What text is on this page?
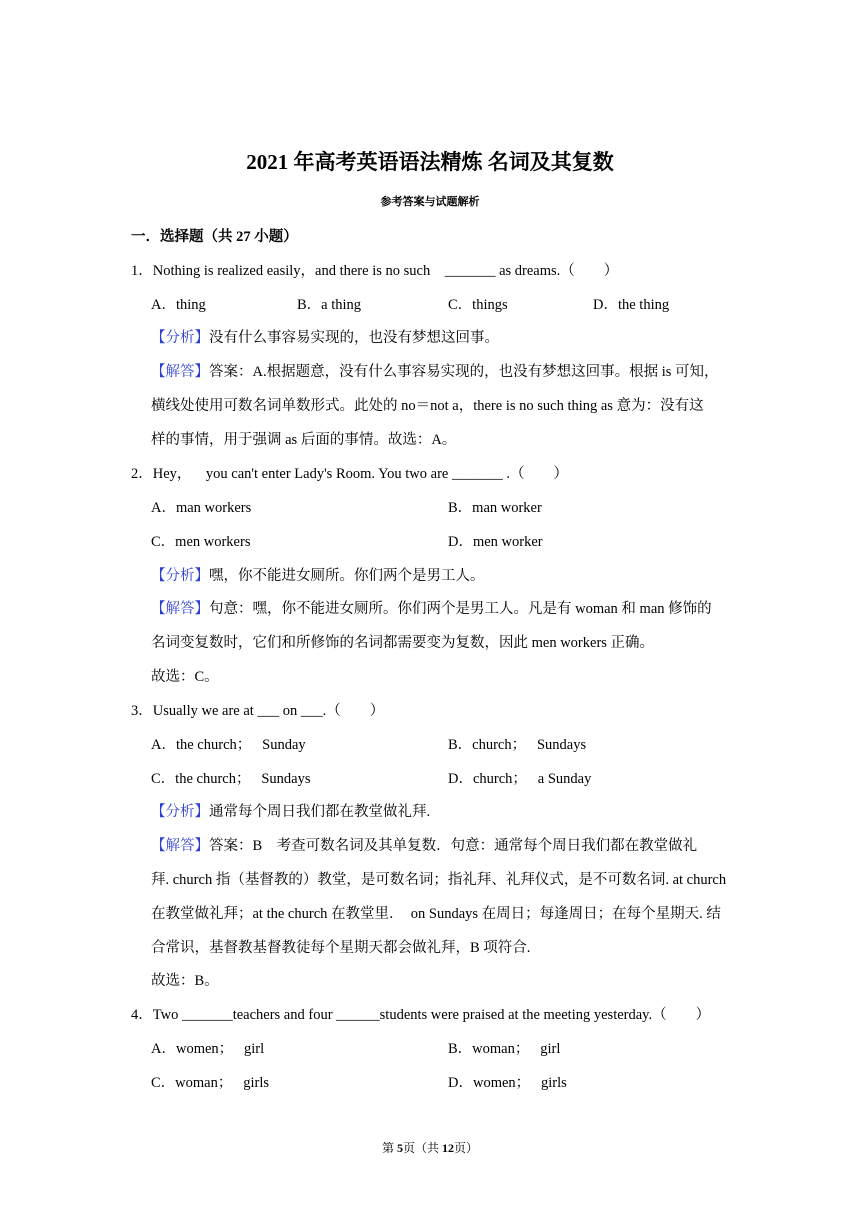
2021 年高考英语语法精炼 名词及其复数
参考答案与试题解析
一．选择题（共 27 小题）
1．Nothing is realized easily，and there is no such    _______ as dreams.（        ）
A．thing	B．a thing	C．things	D．the thing
【分析】没有什么事容易实现的，也没有梦想这回事。
【解答】答案：A.根据题意，没有什么事容易实现的，也没有梦想这回事。根据 is 可知，
横线处使用可数名词单数形式。此处的 no＝not a，there is no such thing as 意为：没有这
样的事情，用于强调 as 后面的事情。故选：A。
2．Hey，    you can't enter Lady's Room. You two are _______ .（        ）
A．man workers	B．man worker
C．men workers	D．men worker
【分析】嘿，你不能进女厕所。你们两个是男工人。
【解答】句意：嘿，你不能进女厕所。你们两个是男工人。凡是有 woman 和 man 修饰的
名词变复数时，它们和所修饰的名词都需要变为复数，因此 men workers 正确。
故选：C。
3．Usually we are at ___ on ___.（        ）
A．the church；   Sunday	B．church；   Sundays
C．the church；   Sundays	D．church；   a Sunday
【分析】通常每个周日我们都在教堂做礼拜.
【解答】答案：B    考查可数名词及其单复数．句意：通常每个周日我们都在教堂做礼
拜. church 指（基督教的）教堂，是可数名词；指礼拜、礼拜仪式，是不可数名词. at church
在教堂做礼拜；at the church 在教堂里．  on Sundays 在周日；每逢周日；在每个星期天. 结
合常识，基督教基督教徒每个星期天都会做礼拜，B 项符合.
故选：B。
4．Two _______teachers and four ______students were praised at the meeting yesterday.（        ）
A．women；   girl	B．woman；   girl
C．woman；   girls	D．women；   girls
第 5页（共 12页）
